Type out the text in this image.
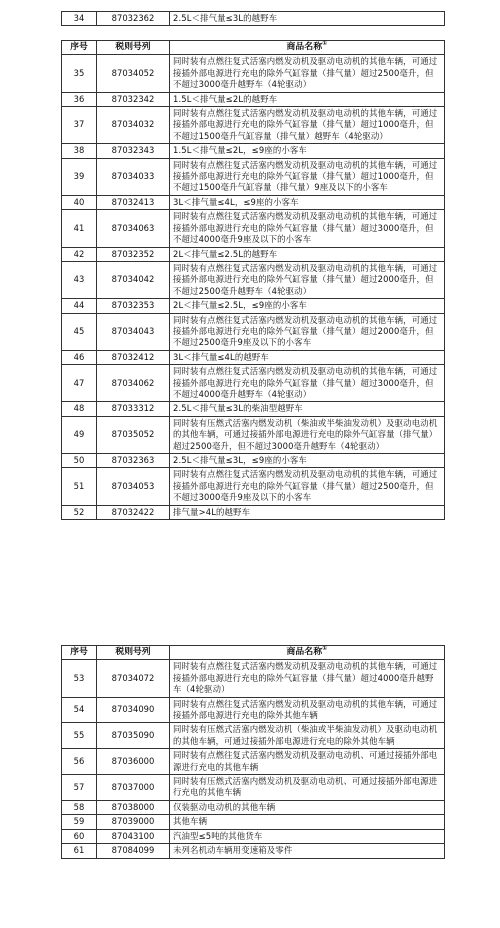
34	87032362	2.5L＜排气量≤3L的越野车
序号	税则号列	商品名称①
35	87034052	同时装有点燃往复式活塞内燃发动机及驱动电动机的其他车辆，可通过接插外部电源进行充电的除外气缸容量（排气量）超过2500毫升，但不超过3000毫升越野车（4轮驱动）
36	87032342	1.5L＜排气量≤2L的越野车
37	87034032	同时装有点燃往复式活塞内燃发动机及驱动电动机的其他车辆，可通过接插外部电源进行充电的除外气缸容量（排气量）超过1000毫升，但不超过1500毫升气缸容量（排气量）越野车（4轮驱动）
38	87032343	1.5L＜排气量≤2L，≤9座的小客车
39	87034033	同时装有点燃往复式活塞内燃发动机及驱动电动机的其他车辆，可通过接插外部电源进行充电的除外气缸容量（排气量）超过1000毫升，但不超过1500毫升气缸容量（排气量）9座及以下的小客车
40	87032413	3L＜排气量≤4L，≤9座的小客车
41	87034063	同时装有点燃往复式活塞内燃发动机及驱动电动机的其他车辆，可通过接插外部电源进行充电的除外气缸容量（排气量）超过3000毫升，但不超过4000毫升9座及以下的小客车
42	87032352	2L＜排气量≤2.5L的越野车
43	87034042	同时装有点燃往复式活塞内燃发动机及驱动电动机的其他车辆，可通过接插外部电源进行充电的除外气缸容量（排气量）超过2000毫升，但不超过2500毫升越野车（4轮驱动）
44	87032353	2L＜排气量≤2.5L，≤9座的小客车
45	87034043	同时装有点燃往复式活塞内燃发动机及驱动电动机的其他车辆，可通过接插外部电源进行充电的除外气缸容量（排气量）超过2000毫升，但不超过2500毫升9座及以下的小客车
46	87032412	3L＜排气量≤4L的越野车
47	87034062	同时装有点燃往复式活塞内燃发动机及驱动电动机的其他车辆，可通过接插外部电源进行充电的除外气缸容量（排气量）超过3000毫升，但不超过4000毫升越野车（4轮驱动）
48	87033312	2.5L＜排气量≤3L的柴油型越野车
49	87035052	同时装有压燃式活塞内燃发动机（柴油或半柴油发动机）及驱动电动机的其他车辆，可通过接插外部电源进行充电的除外气缸容量（排气量）超过2500毫升，但不超过3000毫升越野车（4轮驱动）
50	87032363	2.5L＜排气量≤3L，≤9座的小客车
51	87034053	同时装有点燃往复式活塞内燃发动机及驱动电动机的其他车辆，可通过接插外部电源进行充电的除外气缸容量（排气量）超过2500毫升，但不超过3000毫升9座及以下的小客车
52	87032422	排气量>4L的越野车
序号	税则号列	商品名称①
53	87034072	同时装有点燃往复式活塞内燃发动机及驱动电动机的其他车辆，可通过接插外部电源进行充电的除外气缸容量（排气量）超过4000毫升越野车（4轮驱动）
54	87034090	同时装有点燃往复式活塞内燃发动机及驱动电动机的其他车辆，可通过接插外部电源进行充电的除外其他车辆
55	87035090	同时装有压燃式活塞内燃发动机（柴油或半柴油发动机）及驱动电动机的其他车辆，可通过接插外部电源进行充电的除外其他车辆
56	87036000	同时装有点燃往复式活塞内燃发动机及驱动电动机、可通过接插外部电源进行充电的其他车辆
57	87037000	同时装有压燃式活塞内燃发动机及驱动电动机、可通过接插外部电源进行充电的其他车辆
58	87038000	仅装驱动电动机的其他车辆
59	87039000	其他车辆
60	87043100	汽油型≤5吨的其他货车
61	87084099	未列名机动车辆用变速箱及零件
